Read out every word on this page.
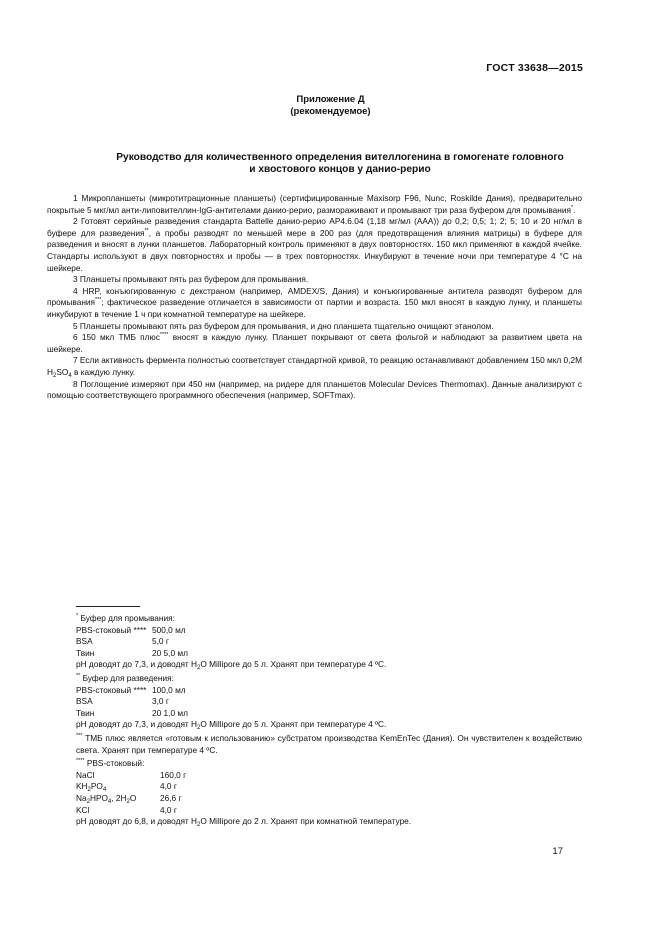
ГОСТ 33638—2015
Приложение Д
(рекомендуемое)
Руководство для количественного определения вителлогенина в гомогенате головного
и хвостового концов у данио-рерио

1 Микропланшеты (микротитрационные планшеты) (сертифицированные Maxisorp F96, Nunc, Roskilde Дания), предварительно покрытые 5 мкг/мл анти-липовителлин-IgG-антителами данио-рерио, размораживают и промывают три раза буфером для промывания*.

2 Готовят серийные разведения стандарта Battelle данио-рерио AP4.6.04 (1,18 мг/мл (AAA)) до 0,2; 0,5; 1; 2; 5; 10 и 20 нг/мл в буфере для разведения**, а пробы разводят по меньшей мере в 200 раз (для предотвращения влияния матрицы) в буфере для разведения и вносят в лунки планшетов. Лабораторный контроль применяют в двух повторностях. 150 мкл применяют в каждой ячейке. Стандарты используют в двух повторностях и пробы — в трех повторностях. Инкубируют в течение ночи при температуре 4 °С на шейкере.

3 Планшеты промывают пять раз буфером для промывания.

4 HRP, конъюгированную с декстраном (например, AMDEX/S, Дания) и конъюгированные антитела разводят буфером для промывания***; фактическое разведение отличается в зависимости от партии и возраста. 150 мкл вносят в каждую лунку, и планшеты инкубируют в течение 1 ч при комнатной температуре на шейкере.

5 Планшеты промывают пять раз буфером для промывания, и дно планшета тщательно очищают этанолом.

6 150 мкл ТМБ плюс**** вносят в каждую лунку. Планшет покрывают от света фольгой и наблюдают за развитием цвета на шейкере.

7 Если активность фермента полностью соответствует стандартной кривой, то реакцию останавливают добавлением 150 мкл 0,2М $H_2SO_4$ в каждую лунку.

8 Поглощение измеряют при 450 нм (например, на ридере для планшетов Molecular Devices Thermomax). Данные анализируют с помощью соответствующего программного обеспечения (например, SOFTmax).

* Буфер для промывания:

PBS-стоковый **** 500,0 мл
BSA	5,0 г
Твин	20 5,0 мл

pH доводят до 7,3, и доводят $H_2O$ Millipore до 5 л. Хранят при температуре 4 ºС.

** Буфер для разведения:

PBS-стоковый **** 100,0 мл
BSA	3,0 г
Твин	20 1,0 мл

pH доводят до 7,3, и доводят $H_2O$ Millipore до 5 л. Хранят при температуре 4 ºС.

*** ТМБ плюс является «готовым к использованию» субстратом производства KemEnTec (Дания). Он чувствителен к воздействию света. Хранят при температуре 4 ºС.

**** PBS-стоковый:

NaCl	160,0 г
$KH_2PO_4$	4,0 г
$Na_2HPO_4$, $2H_2O$	26,6 г
KCl	4,0 г

pH доводят до 6,8, и доводят $H_2O$ Millipore до 2 л. Хранят при комнатной температуре.

17
